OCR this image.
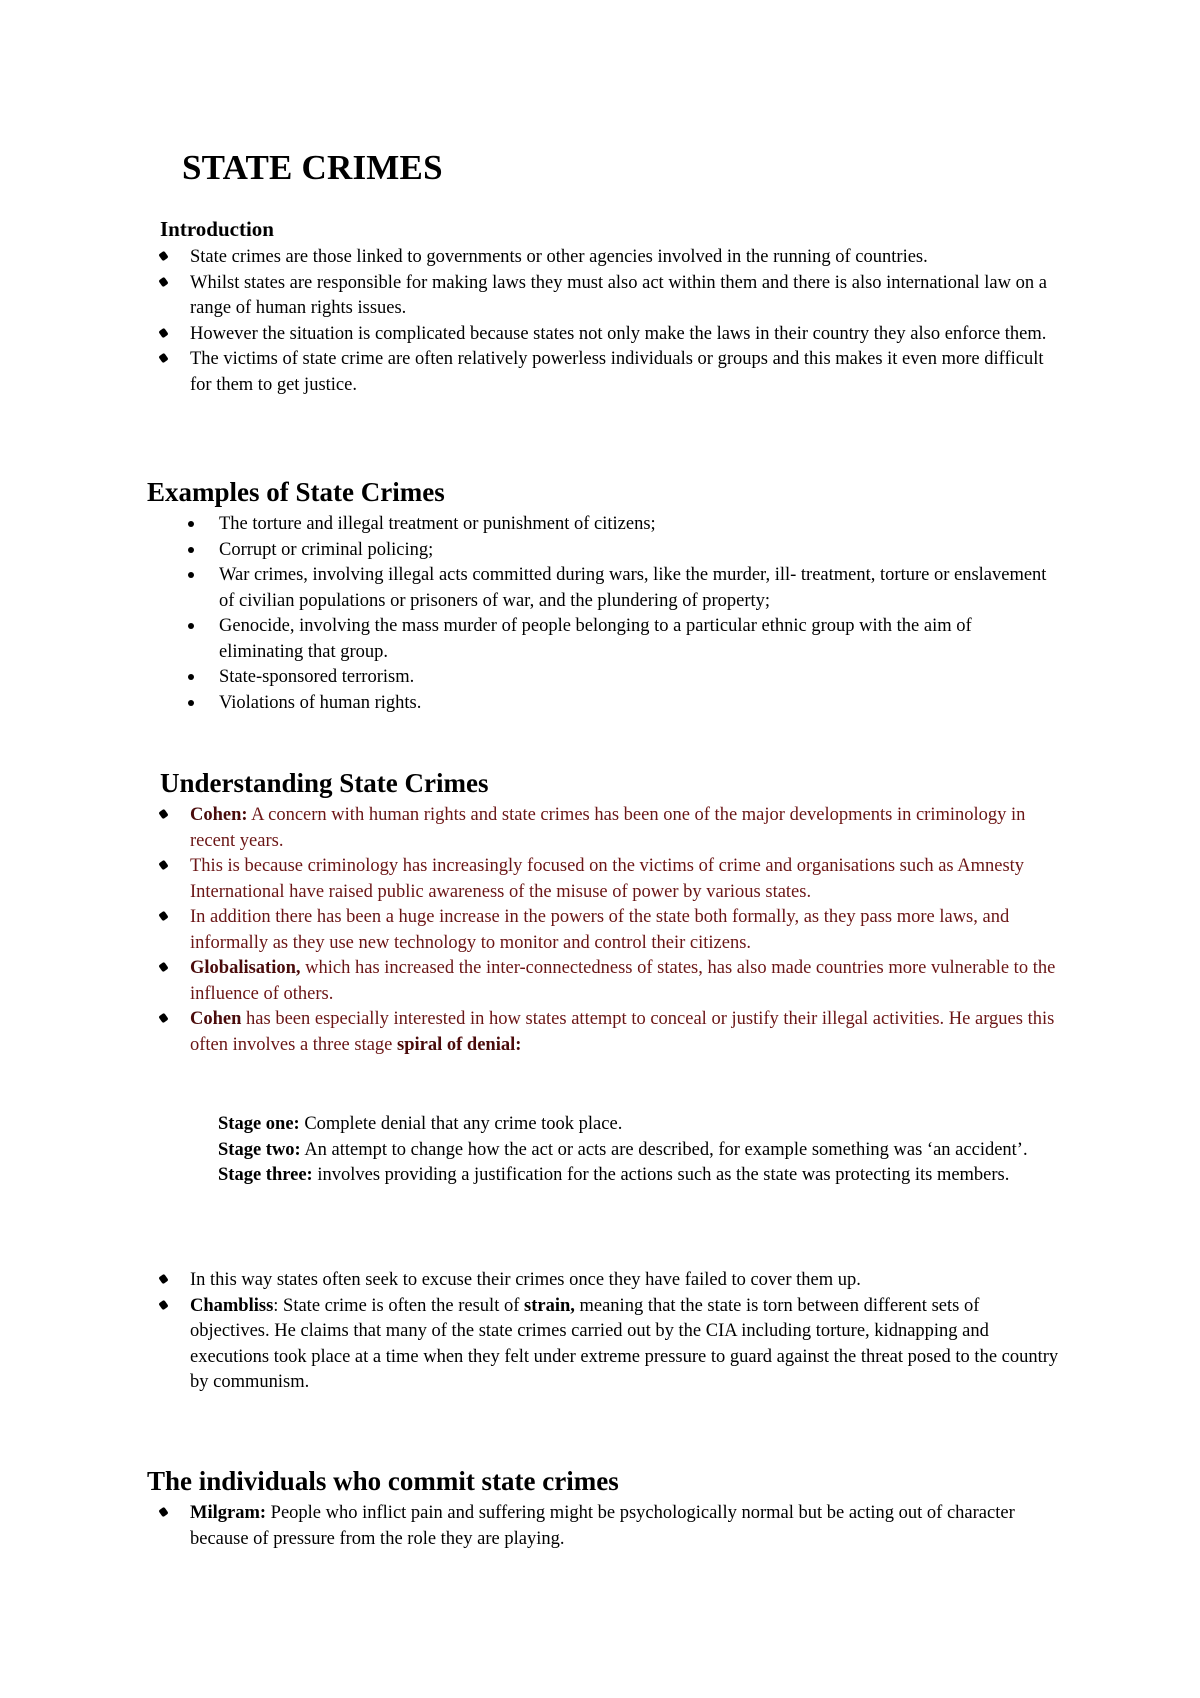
STATE CRIMES
Introduction
State crimes are those linked to governments or other agencies involved in the running of countries.
Whilst states are responsible for making laws they must also act within them and there is also international law on a range of human rights issues.
However the situation is complicated because states not only make the laws in their country they also enforce them.
The victims of state crime are often relatively powerless individuals or groups and this makes it even more difficult for them to get justice.
Examples of State Crimes
The torture and illegal treatment or punishment of citizens;
Corrupt or criminal policing;
War crimes, involving illegal acts committed during wars, like the murder, ill- treatment, torture or enslavement of civilian populations or prisoners of war, and the plundering of property;
Genocide, involving the mass murder of people belonging to a particular ethnic group with the aim of eliminating that group.
State-sponsored terrorism.
Violations of human rights.
Understanding State Crimes
Cohen: A concern with human rights and state crimes has been one of the major developments in criminology in recent years.
This is because criminology has increasingly focused on the victims of crime and organisations such as Amnesty International have raised public awareness of the misuse of power by various states.
In addition there has been a huge increase in the powers of the state both formally, as they pass more laws, and informally as they use new technology to monitor and control their citizens.
Globalisation, which has increased the inter-connectedness of states, has also made countries more vulnerable to the influence of others.
Cohen has been especially interested in how states attempt to conceal or justify their illegal activities. He argues this often involves a three stage spiral of denial:

Stage one: Complete denial that any crime took place.

Stage two: An attempt to change how the act or acts are described, for example something was ‘an accident’.

Stage three: involves providing a justification for the actions such as the state was protecting its members.

In this way states often seek to excuse their crimes once they have failed to cover them up.
Chambliss: State crime is often the result of strain, meaning that the state is torn between different sets of objectives. He claims that many of the state crimes carried out by the CIA including torture, kidnapping and executions took place at a time when they felt under extreme pressure to guard against the threat posed to the country by communism.
The individuals who commit state crimes
Milgram: People who inflict pain and suffering might be psychologically normal but be acting out of character because of pressure from the role they are playing.
